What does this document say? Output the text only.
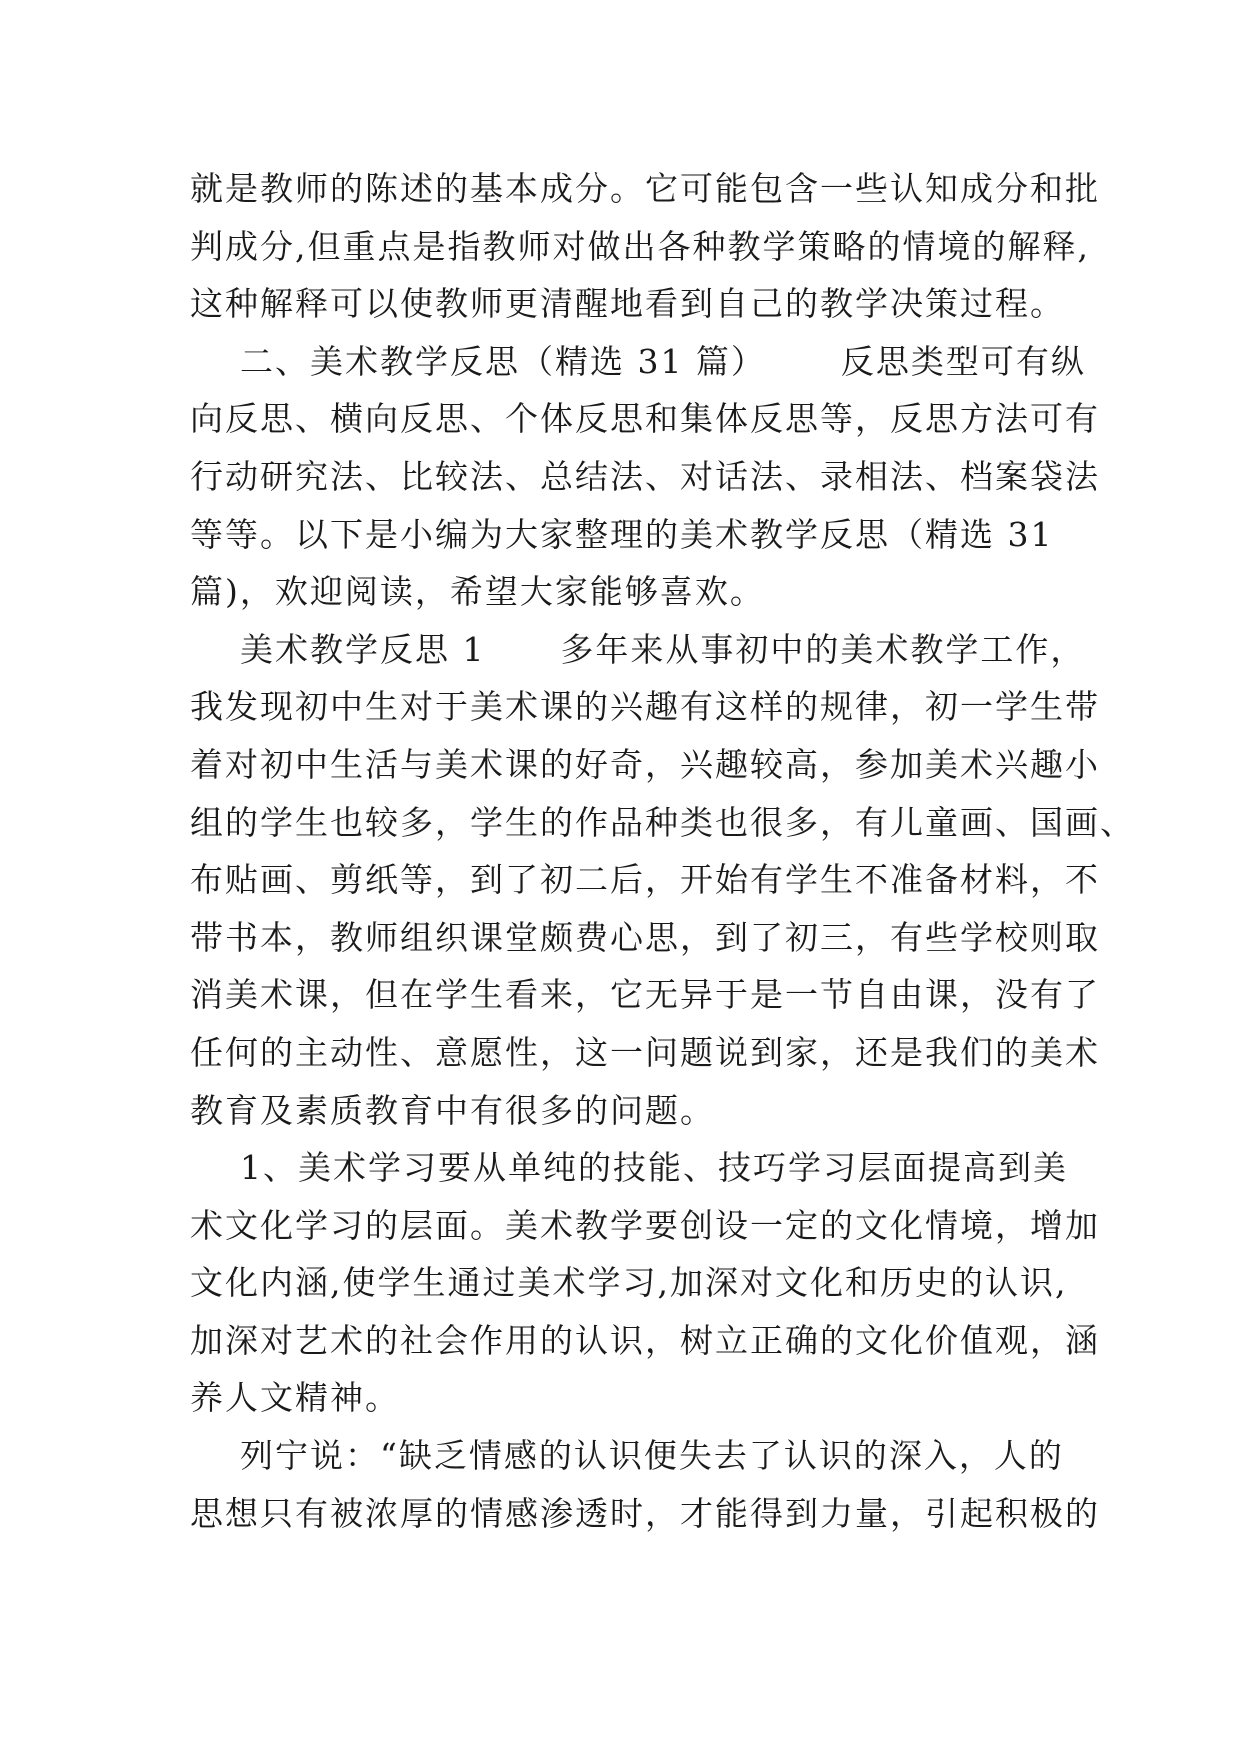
就是教师的陈述的基本成分。它可能包含一些认知成分和批
判成分,但重点是指教师对做出各种教学策略的情境的解释,
这种解释可以使教师更清醒地看到自己的教学决策过程。
二、美术教学反思（精选 31 篇）      反思类型可有纵
向反思、横向反思、个体反思和集体反思等，反思方法可有
行动研究法、比较法、总结法、对话法、录相法、档案袋法
等等。以下是小编为大家整理的美术教学反思（精选 31
篇)，欢迎阅读，希望大家能够喜欢。
美术教学反思 1      多年来从事初中的美术教学工作，
我发现初中生对于美术课的兴趣有这样的规律，初一学生带
着对初中生活与美术课的好奇，兴趣较高，参加美术兴趣小
组的学生也较多，学生的作品种类也很多，有儿童画、国画、
布贴画、剪纸等，到了初二后，开始有学生不准备材料，不
带书本，教师组织课堂颇费心思，到了初三，有些学校则取
消美术课，但在学生看来，它无异于是一节自由课，没有了
任何的主动性、意愿性，这一问题说到家，还是我们的美术
教育及素质教育中有很多的问题。
1、美术学习要从单纯的技能、技巧学习层面提高到美
术文化学习的层面。美术教学要创设一定的文化情境，增加
文化内涵,使学生通过美术学习,加深对文化和历史的认识,
加深对艺术的社会作用的认识，树立正确的文化价值观，涵
养人文精神。
列宁说：“缺乏情感的认识便失去了认识的深入，人的
思想只有被浓厚的情感渗透时，才能得到力量，引起积极的
